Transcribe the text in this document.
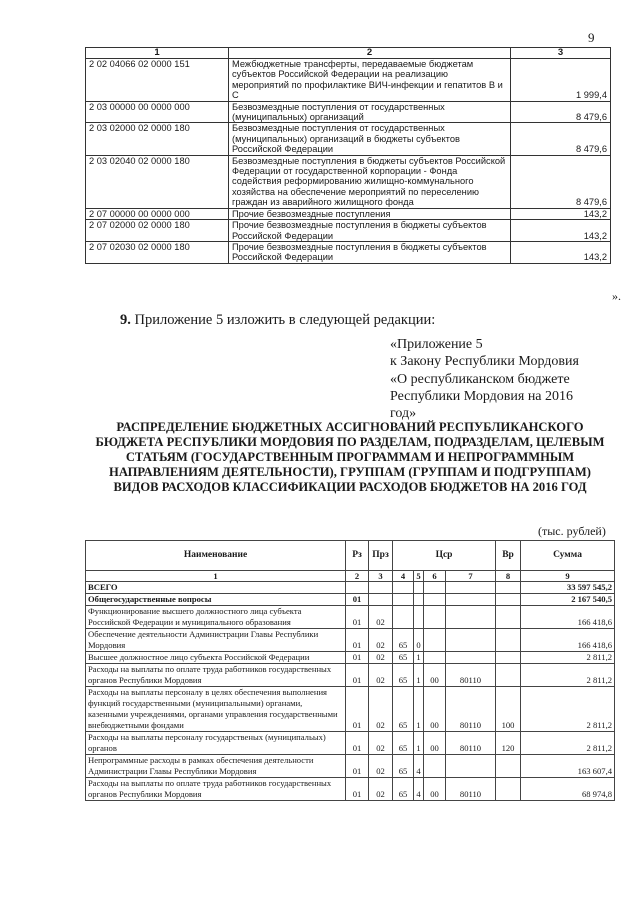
9
1	2	3
2 02 04066 02 0000 151	Межбюджетные трансферты, передаваемые бюджетам субъектов Российской Федерации на реализацию мероприятий по профилактике ВИЧ-инфекции и гепатитов B и C	1 999,4
2 03 00000 00 0000 000	Безвозмездные поступления от государственных (муниципальных) организаций	8 479,6
2 03 02000 02 0000 180	Безвозмездные поступления от государственных (муниципальных) организаций в бюджеты субъектов Российской Федерации	8 479,6
2 03 02040 02 0000 180	Безвозмездные поступления в бюджеты субъектов Российской Федерации от государственной корпорации - Фонда содействия реформированию жилищно-коммунального хозяйства на обеспечение мероприятий по переселению граждан из аварийного жилищного фонда	8 479,6
2 07 00000 00 0000 000	Прочие безвозмездные поступления	143,2
2 07 02000 02 0000 180	Прочие безвозмездные поступления в бюджеты субъектов Российской Федерации	143,2
2 07 02030 02 0000 180	Прочие безвозмездные поступления в бюджеты субъектов Российской Федерации	143,2
».
9. Приложение 5 изложить в следующей редакции:
«Приложение 5
к Закону Республики Мордовия
«О республиканском бюджете
Республики Мордовия на 2016
год»
РАСПРЕДЕЛЕНИЕ БЮДЖЕТНЫХ АССИГНОВАНИЙ РЕСПУБЛИКАНСКОГО БЮДЖЕТА РЕСПУБЛИКИ МОРДОВИЯ ПО РАЗДЕЛАМ, ПОДРАЗДЕЛАМ, ЦЕЛЕВЫМ СТАТЬЯМ (ГОСУДАРСТВЕННЫМ ПРОГРАММАМ И НЕПРОГРАММНЫМ НАПРАВЛЕНИЯМ ДЕЯТЕЛЬНОСТИ), ГРУППАМ (ГРУППАМ И ПОДГРУППАМ) ВИДОВ РАСХОДОВ КЛАССИФИКАЦИИ РАСХОДОВ БЮДЖЕТОВ НА 2016 ГОД
(тыс. рублей)
Наименование	Рз	Прз	Цср				Вр	Сумма
1	2	3	4	5	6	7	8	9
ВСЕГО								33 597 545,2
Общегосударственные вопросы	01							2 167 540,5
Функционирование высшего должностного лица субъекта Российской Федерации и муниципального образования	01	02						166 418,6
Обеспечение деятельности Администрации Главы Республики Мордовия	01	02	65	0				166 418,6
Высшее должностное лицо субъекта Российской Федерации	01	02	65	1				2 811,2
Расходы на выплаты по оплате труда работников государственных органов Республики Мордовия	01	02	65	1	00	80110		2 811,2
Расходы на выплаты персоналу в целях обеспечения выполнения функций государственными (муниципальными) органами, казенными учреждениями, органами управления государственными внебюджетными фондами	01	02	65	1	00	80110	100	2 811,2
Расходы на выплаты персоналу государственых (муниципальых) органов	01	02	65	1	00	80110	120	2 811,2
Непрограммные расходы в рамках обеспечения деятельности Администрации Главы Республики Мордовия	01	02	65	4				163 607,4
Расходы на выплаты по оплате труда работников государственных органов Республики Мордовия	01	02	65	4	00	80110		68 974,8
